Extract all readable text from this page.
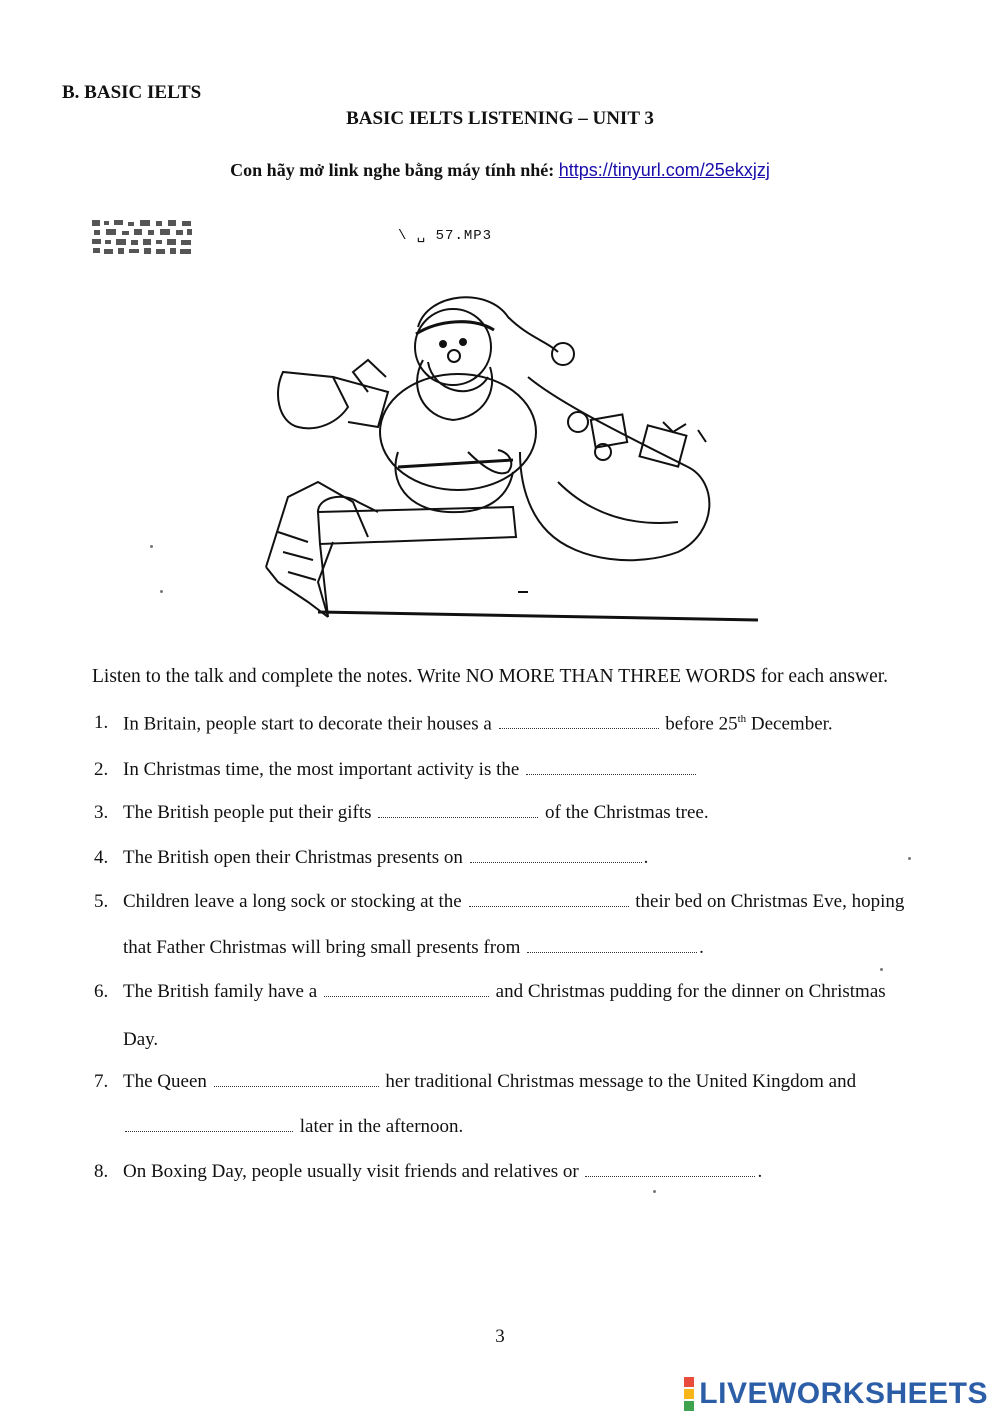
B. BASIC IELTS
BASIC IELTS LISTENING – UNIT 3
Con hãy mở link nghe bằng máy tính nhé: https://tinyurl.com/25ekxjzj
\ ␣ 57.MP3
Listen to the talk and complete the notes. Write NO MORE THAN THREE WORDS for each answer.
1. In Britain, people start to decorate their houses a	before 25th December.
2. In Christmas time, the most important activity is the
3. The British people put their gifts	of the Christmas tree.
4. The British open their Christmas presents on	.
5. Children leave a long sock or stocking at the	their bed on Christmas Eve, hoping
that Father Christmas will bring small presents from	.
6. The British family have a	and Christmas pudding for the dinner on Christmas
Day.
7. The Queen	her traditional Christmas message to the United Kingdom and
later in the afternoon.
8. On Boxing Day, people usually visit friends and relatives or	.
3
LIVEWORKSHEETS
